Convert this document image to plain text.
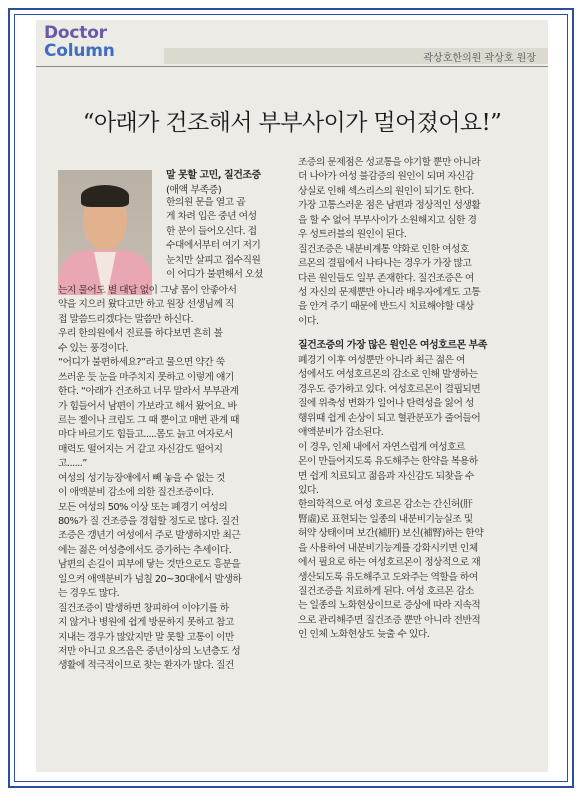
Doctor
Column	곽상호한의원 곽상호 원장
“아래가 건조해서 부부사이가 멀어졌어요!”
말 못할 고민, 질건조증
(애액 부족증)
한의원 문을 열고 곱
게 차려 입은 중년 여성
한 분이 들어오신다. 접
수대에서부터 여기 저기
눈치만 살피고 접수직원
이 어디가 불편해서 오셨
는지 물어도 별 대답 없이 그냥 몸이 안좋아서
약을 지으러 왔다고만 하고 원장 선생님께 직
접 말씀드리겠다는 말씀만 하신다.
우리 한의원에서 진료를 하다보면 흔히 볼
수 있는 풍경이다.
“어디가 불편하세요?”라고 물으면 약간 쑥
쓰러운 듯 눈을 마주치지 못하고 이렇게 얘기
한다. “아래가 건조하고 너무 말라서 부부관계
가 힘들어서 남편이 가보라고 해서 왔어요. 바
르는 젤이나 크림도 그 때 뿐이고 매번 관계 때
마다 바르기도 힘들고.....몸도 늙고 여자로서
매력도 떨어지는 거 같고 자신감도 떨어지
고......”
여성의 성기능장애에서 빼 놓을 수 없는 것
이 애액분비 감소에 의한 질건조증이다.
모든 여성의 50% 이상 또는 폐경기 여성의
80%가 질 건조증을 경험할 정도로 많다. 질건
조증은 갱년기 여성에서 주로 발생하지만 최근
에는 젊은 여성층에서도 증가하는 추세이다.
남편의 손길이 피부에 닿는 것만으로도 흥분을
일으켜 애액분비가 넘칠 20~30대에서 발생하
는 경우도 많다.
질건조증이 발생하면 창피하여 이야기를 하
지 않거나 병원에 쉽게 방문하지 못하고 참고
지내는 경우가 많았지만 말 못할 고통이 이만
저만 아니고 요즈음은 중년이상의 노년층도 성
생활에 적극적이므로 찾는 환자가 많다. 질건
조증의 문제점은 성교통을 야기할 뿐만 아니라
더 나아가 여성 불감증의 원인이 되며 자신감
상실로 인해 섹스리스의 원인이 되기도 한다.
가장 고통스러운 점은 남편과 정상적인 성생활
을 할 수 없어 부부사이가 소원해지고 심한 경
우 성트러블의 원인이 된다.
질건조증은 내분비계통 약화로 인한 여성호
르몬의 결핍에서 나타나는 경우가 가장 많고
다른 원인들도 일부 존재한다. 질건조증은 여
성 자신의 문제뿐만 아니라 배우자에게도 고통
을 안겨 주기 때문에 반드시 치료해야할 대상
이다.
질건조증의 가장 많은 원인은 여성호르몬 부족
폐경기 이후 여성뿐만 아니라 최근 젊은 여
성에서도 여성호르몬의 감소로 인해 발생하는
경우도 증가하고 있다. 여성호르몬이 결핍되면
질에 위축성 변화가 일어나 탄력성을 잃어 성
행위때 쉽게 손상이 되고 혈관분포가 줄어들어
애액분비가 감소된다.
이 경우, 인체 내에서 자연스럽게 여성호르
몬이 만들어지도록 유도해주는 한약을 복용하
면 쉽게 치료되고 젊음과 자신감도 되찾을 수
있다.
한의학적으로 여성 호르몬 감소는 간신허(肝
腎虛)로 표현되는 일종의 내분비기능실조 및
허약 상태이며 보간(補肝) 보신(補腎)하는 한약
을 사용하여 내분비기능계를 강화시키면 인체
에서 필요로 하는 여성호르몬이 정상적으로 재
생산되도록 유도해주고 도와주는 역할을 하여
질건조증을 치료하게 된다. 여성 호르몬 감소
는 일종의 노화현상이므로 증상에 따라 지속적
으로 관리해주면 질건조증 뿐만 아니라 전반적
인 인체 노화현상도 늦출 수 있다.
